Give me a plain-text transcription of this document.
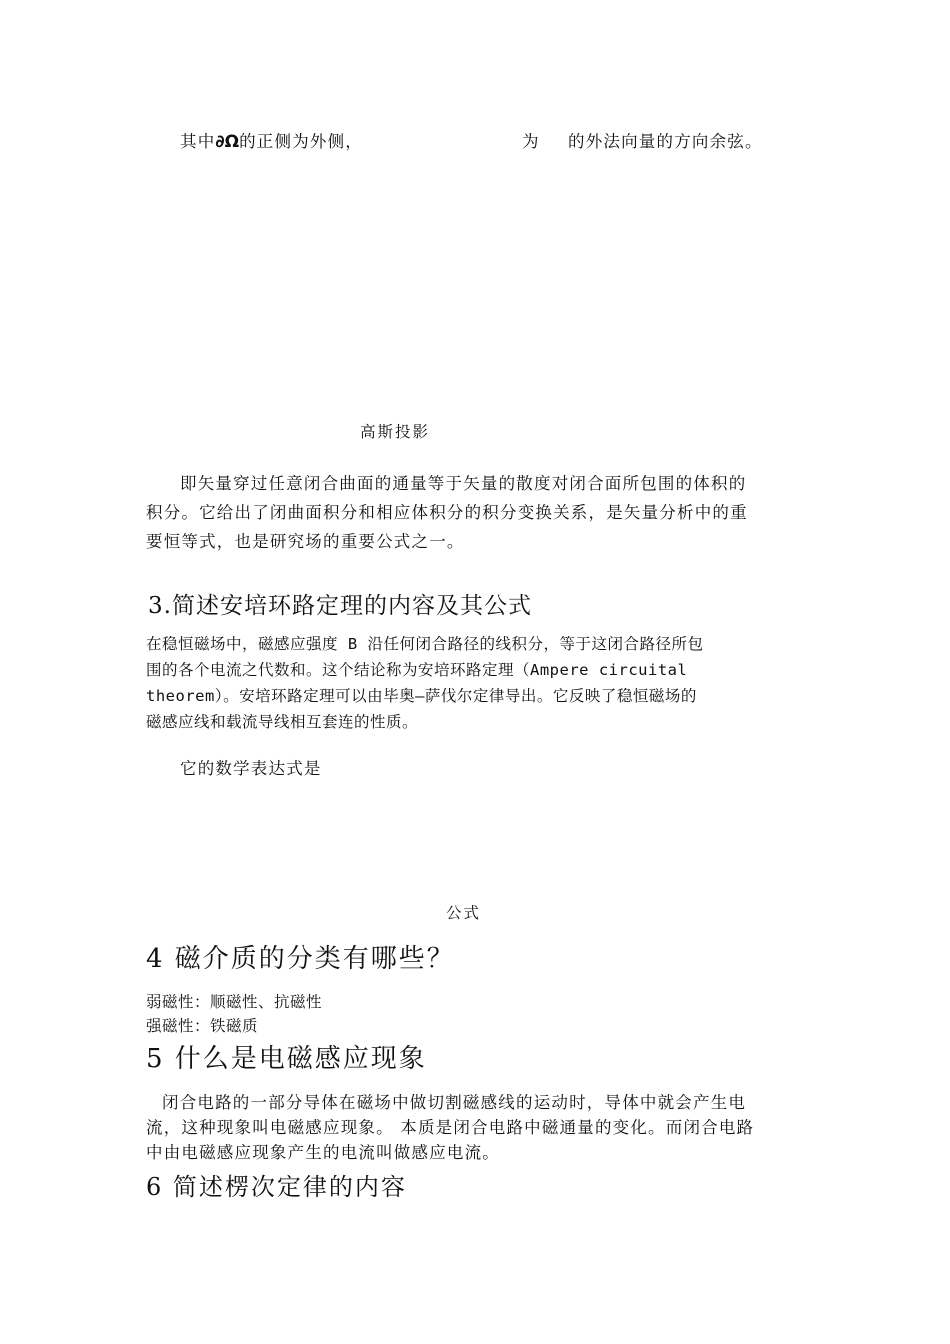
其中∂Ω的正侧为外侧，	为 的外法向量的方向余弦。
高斯投影
即矢量穿过任意闭合曲面的通量等于矢量的散度对闭合面所包围的体积的
积分。它给出了闭曲面积分和相应体积分的积分变换关系，是矢量分析中的重
要恒等式，也是研究场的重要公式之一。
3.简述安培环路定理的内容及其公式
在稳恒磁场中，磁感应强度 B 沿任何闭合路径的线积分，等于这闭合路径所包
围的各个电流之代数和。这个结论称为安培环路定理（Ampere circuital
theorem）。安培环路定理可以由毕奥—萨伐尔定律导出。它反映了稳恒磁场的
磁感应线和载流导线相互套连的性质。
它的数学表达式是
公式
4 磁介质的分类有哪些？
弱磁性：顺磁性、抗磁性
强磁性：铁磁质
5 什么是电磁感应现象
闭合电路的一部分导体在磁场中做切割磁感线的运动时，导体中就会产生电
流，这种现象叫电磁感应现象。 本质是闭合电路中磁通量的变化。而闭合电路
中由电磁感应现象产生的电流叫做感应电流。
6 简述楞次定律的内容
